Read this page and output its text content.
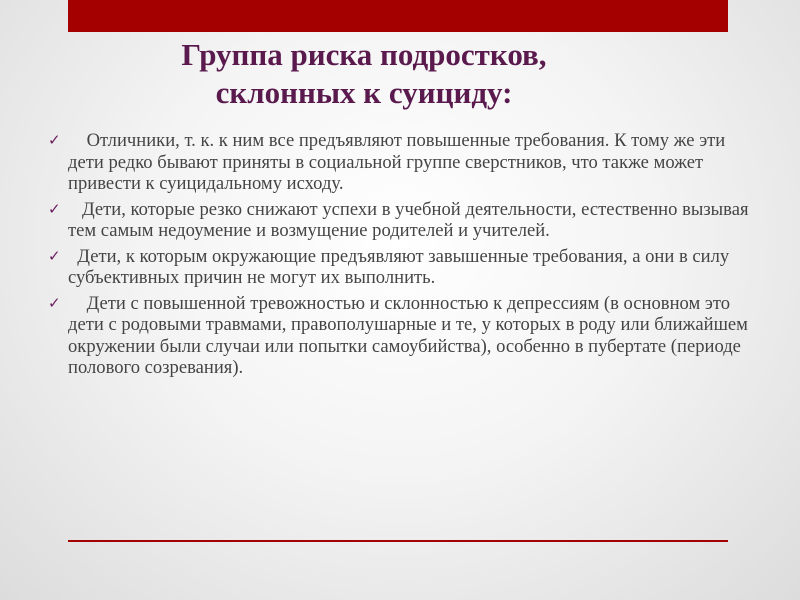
Группа риска подростков,
склонных к суициду:
✓ Отличники, т. к. к ним все предъявляют повышенные требования. К тому же эти дети редко бывают приняты в социальной группе сверстников, что также может привести к суицидальному исходу.
✓ Дети, которые резко снижают успехи в учебной деятельности, естественно вызывая тем самым недоумение и возмущение родителей и учителей.
✓ Дети, к которым окружающие предъявляют завышенные требования, а они в силу субъективных причин не могут их выполнить.
✓ Дети с повышенной тревожностью и склонностью к депрессиям (в основном это дети с родовыми травмами, правополушарные и те, у которых в роду или ближайшем окружении были случаи или попытки самоубийства), особенно в пубертате (периоде полового созревания).
